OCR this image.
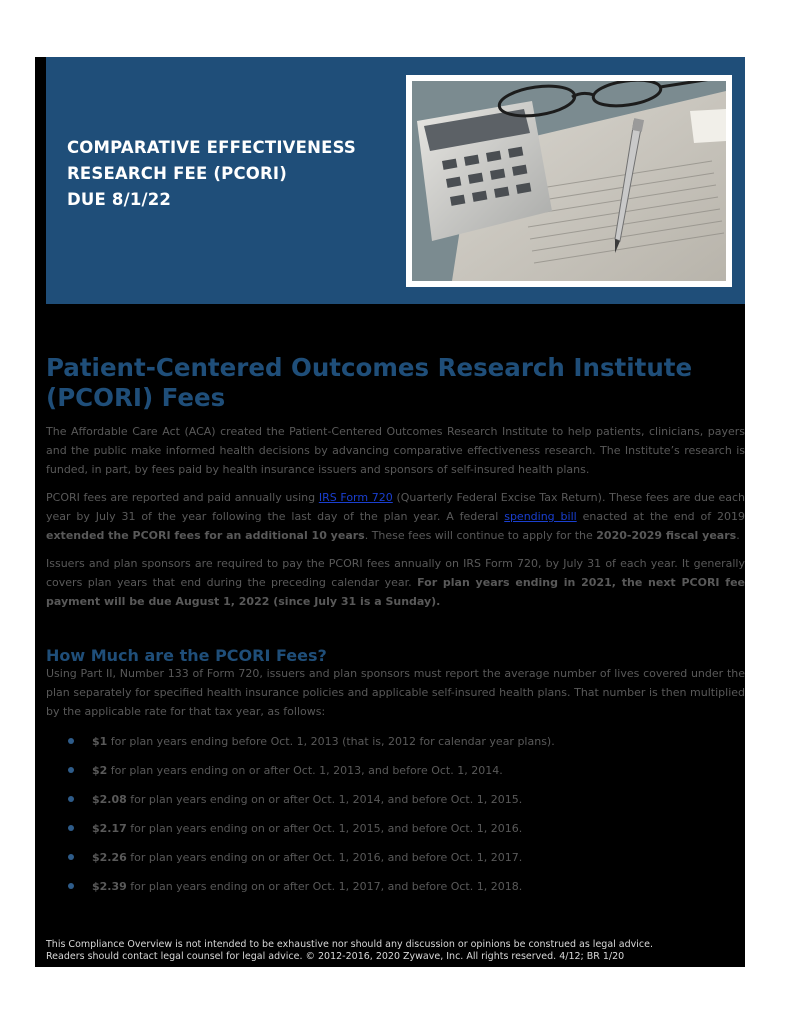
COMPARATIVE EFFECTIVENESS
RESEARCH FEE (PCORI)
DUE 8/1/22
Patient-Centered Outcomes Research Institute
(PCORI) Fees

The Affordable Care Act (ACA) created the Patient-Centered Outcomes Research Institute to help patients, clinicians, payers and the public make informed health decisions by advancing comparative effectiveness research. The Institute’s research is funded, in part, by fees paid by health insurance issuers and sponsors of self-insured health plans.

PCORI fees are reported and paid annually using IRS Form 720 (Quarterly Federal Excise Tax Return). These fees are due each year by July 31 of the year following the last day of the plan year. A federal spending bill enacted at the end of 2019 extended the PCORI fees for an additional 10 years. These fees will continue to apply for the 2020-2029 fiscal years.

Issuers and plan sponsors are required to pay the PCORI fees annually on IRS Form 720, by July 31 of each year. It generally covers plan years that end during the preceding calendar year. For plan years ending in 2021, the next PCORI fee payment will be due August 1, 2022 (since July 31 is a Sunday).

How Much are the PCORI Fees?

Using Part II, Number 133 of Form 720, issuers and plan sponsors must report the average number of lives covered under the plan separately for specified health insurance policies and applicable self-insured health plans. That number is then multiplied by the applicable rate for that tax year, as follows:

$1 for plan years ending before Oct. 1, 2013 (that is, 2012 for calendar year plans).
$2 for plan years ending on or after Oct. 1, 2013, and before Oct. 1, 2014.
$2.08 for plan years ending on or after Oct. 1, 2014, and before Oct. 1, 2015.
$2.17 for plan years ending on or after Oct. 1, 2015, and before Oct. 1, 2016.
$2.26 for plan years ending on or after Oct. 1, 2016, and before Oct. 1, 2017.
$2.39 for plan years ending on or after Oct. 1, 2017, and before Oct. 1, 2018.

This Compliance Overview is not intended to be exhaustive nor should any discussion or opinions be construed as legal advice.
Readers should contact legal counsel for legal advice. © 2012-2016, 2020 Zywave, Inc. All rights reserved. 4/12; BR 1/20
